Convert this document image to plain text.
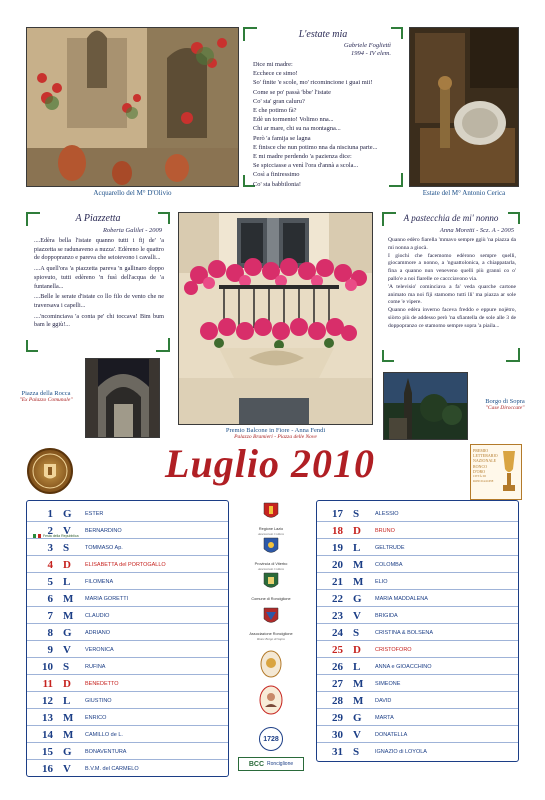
Acquarello del M° D'Olivio
L'estate mia
Gabriele Fogliettì
1994 - IV elem.
Dice mi madre:
Ecchece ce simo!
So' finite 'e scole, mo' ricomincione i guai mii!
Come se po' passà 'bbe' l'istate
Co' sta' gran caluru?
E che potimo fà?
Edè un tormento! Volimo nna...
Chi ar mare, chi su na montagna...
Però 'a famija se lagna
E finisce che nun potimo nna da nisciuna parte...
E mi madre perdendo 'a pazienza dice:
Se spicciasse a venì l'ora d'annà a scola...
Così a finiressimo
Co' sta babbilonia!
Estate del M° Antonio Cerica
A Piazzetta
Roberta Galilei - 2009

....Edèra bella l'istate quanno tutti i fij de' 'a piazzetta se radunaveno a nuzza'. Edèreno le quattro de doppopranzo e pareva che seioievono i cavalli...

....A quell'ora 'a piazzetta pareva 'n gallinaro doppo spiovuto, tutti edèreno 'n fusì dell'acqua de 'a funtanella...

....Belle le serate d'istate co llo filo de vento che ne traversava i capelli...

....'ncominciava 'a conta pe' chi toccava! Bim bum bam le ggiù!...

Premio Balcone in Fiore - Anna Fendi
Palazzo Bramieri - Piazza delle Nove
A pastecchia de mi' nonno
Anna Moretti - Scz. A - 2005

Quanno edèro fiarella 'mmavo sempre ggiù 'na piazza da mi nonna a giocà.

I giochi che facemomo edèrono sempre quelli, giocammore a nonno, a 'nguattolonica, a chiappatarla, fina a quanno nun veneveno quelli più granni co o' pallo'e a noi fiarelle ce caccciavono via.

'A televisio' cominciava a fa' veda quarche cartone animato ma noi fiji stamomo tutti lli' ma piazza ar sole come 'e vipere.

Quanno edèra inverno faceva freddo e eppure nojètro, siòrto più de addesso però 'na sfiantella de sole alle 3 de doppopranzo ce stamomo sempre sopra 'a piaila...

Piazza della Rocca
"Ex Palazzo Comunale"	Borgo di Sopra
"Case Diroccate"
Luglio 2010	PREMIO
LETTERARIO
NAZIONALE
RONCO
D'ORO
CITTÀ DI RONCIGLIONE
1 G	ESTER
2 V	BERNARDINO
Festa della Repubblica
3 S	TOMMASO Ap.
4 D	ELISABETTA del PORTOGALLO
5 L	FILOMENA
6 M MARIA GORETTI
7 M CLAUDIO
8 G	ADRIANO
9 V	VERONICA
10 S	RUFINA
11 D	BENEDETTO
12 L	GIUSTINO
13 M ENRICO
14 M CAMILLO de L.
15 G	BONAVENTURA
16 V	B.V.M. del CARMELO
Regione Lazio
Assessorato Cultura
Provincia di Viterbo
Assessorato Cultura
Comune di Ronciglione
Associazione Ronciglione
Rione Borgo di Sopra
1728
BCC Ronciglione
17 S	ALESSIO
18 D	BRUNO
19 L	GELTRUDE
20 M COLOMBA
21 M ELIO
22 G	MARIA MADDALENA
23 V	BRIGIDA
24 S	CRISTINA & BOLSENA
25 D	CRISTOFORO
26 L	ANNA e GIOACCHINO
27 M SIMEONE
28 M DAVID
29 G	MARTA
30 V	DONATELLA
31 S	IGNAZIO di LOYOLA
